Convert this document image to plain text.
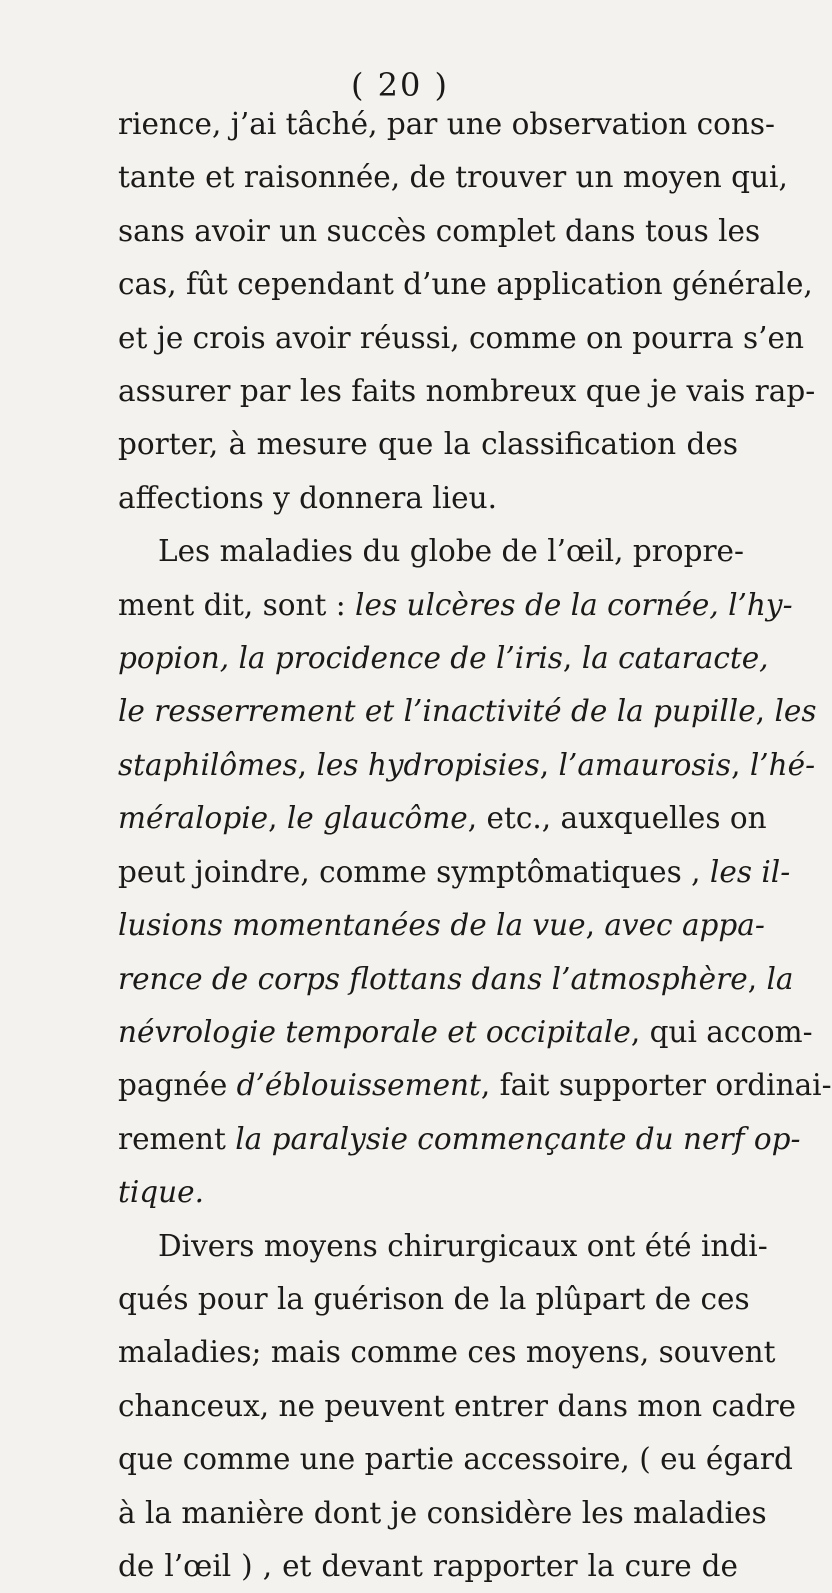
( 20 )
rience, j’ai tâché, par une observation cons-
tante et raisonnée, de trouver un moyen qui,
sans avoir un succès complet dans tous les
cas, fût cependant d’une application générale,
et je crois avoir réussi, comme on pourra s’en
assurer par les faits nombreux que je vais rap-
porter, à mesure que la classification des
affections y donnera lieu.
Les maladies du globe de l’œil, propre-
ment dit, sont : les ulcères de la cornée, l’hy-
popion, la procidence de l’iris, la cataracte,
le resserrement et l’inactivité de la pupille, les
staphilômes, les hydropisies, l’amaurosis, l’hé-
méralopie, le glaucôme, etc., auxquelles on
peut joindre, comme symptômatiques , les il-
lusions momentanées de la vue, avec appa-
rence de corps flottans dans l’atmosphère, la
névrologie temporale et occipitale, qui accom-
pagnée d’éblouissement, fait supporter ordinai-
rement la paralysie commençante du nerf op-
tique.
Divers moyens chirurgicaux ont été indi-
qués pour la guérison de la plûpart de ces
maladies; mais comme ces moyens, souvent
chanceux, ne peuvent entrer dans mon cadre
que comme une partie accessoire, ( eu égard
à la manière dont je considère les maladies
de l’œil ) , et devant rapporter la cure de
